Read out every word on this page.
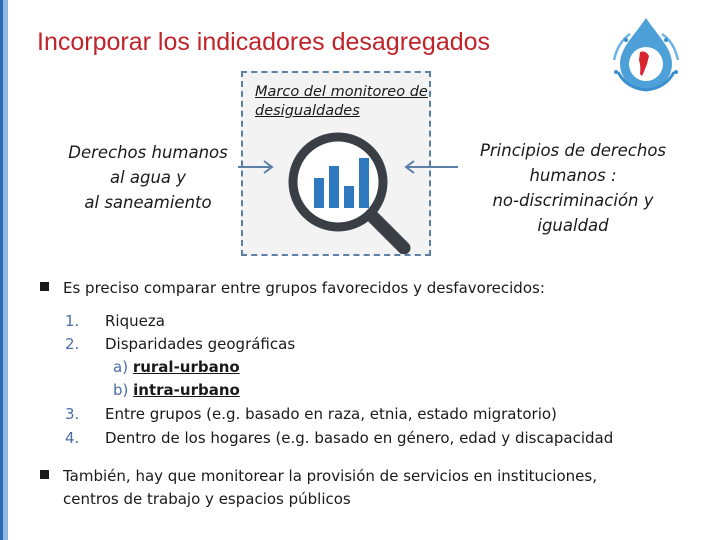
Incorporar los indicadores desagregados
Marco del monitoreo de desigualdades
Derechos humanos
al agua y
al saneamiento
Principios de derechos
humanos :
no-discriminación y
igualdad
Es preciso comparar entre grupos favorecidos y desfavorecidos:
1. Riqueza
2. Disparidades geográficas
a) rural-urbano
b) intra-urbano
3. Entre grupos (e.g. basado en raza, etnia, estado migratorio)
4. Dentro de los hogares (e.g. basado en género, edad y discapacidad
También, hay que monitorear la provisión de servicios en instituciones,
centros de trabajo y espacios públicos
